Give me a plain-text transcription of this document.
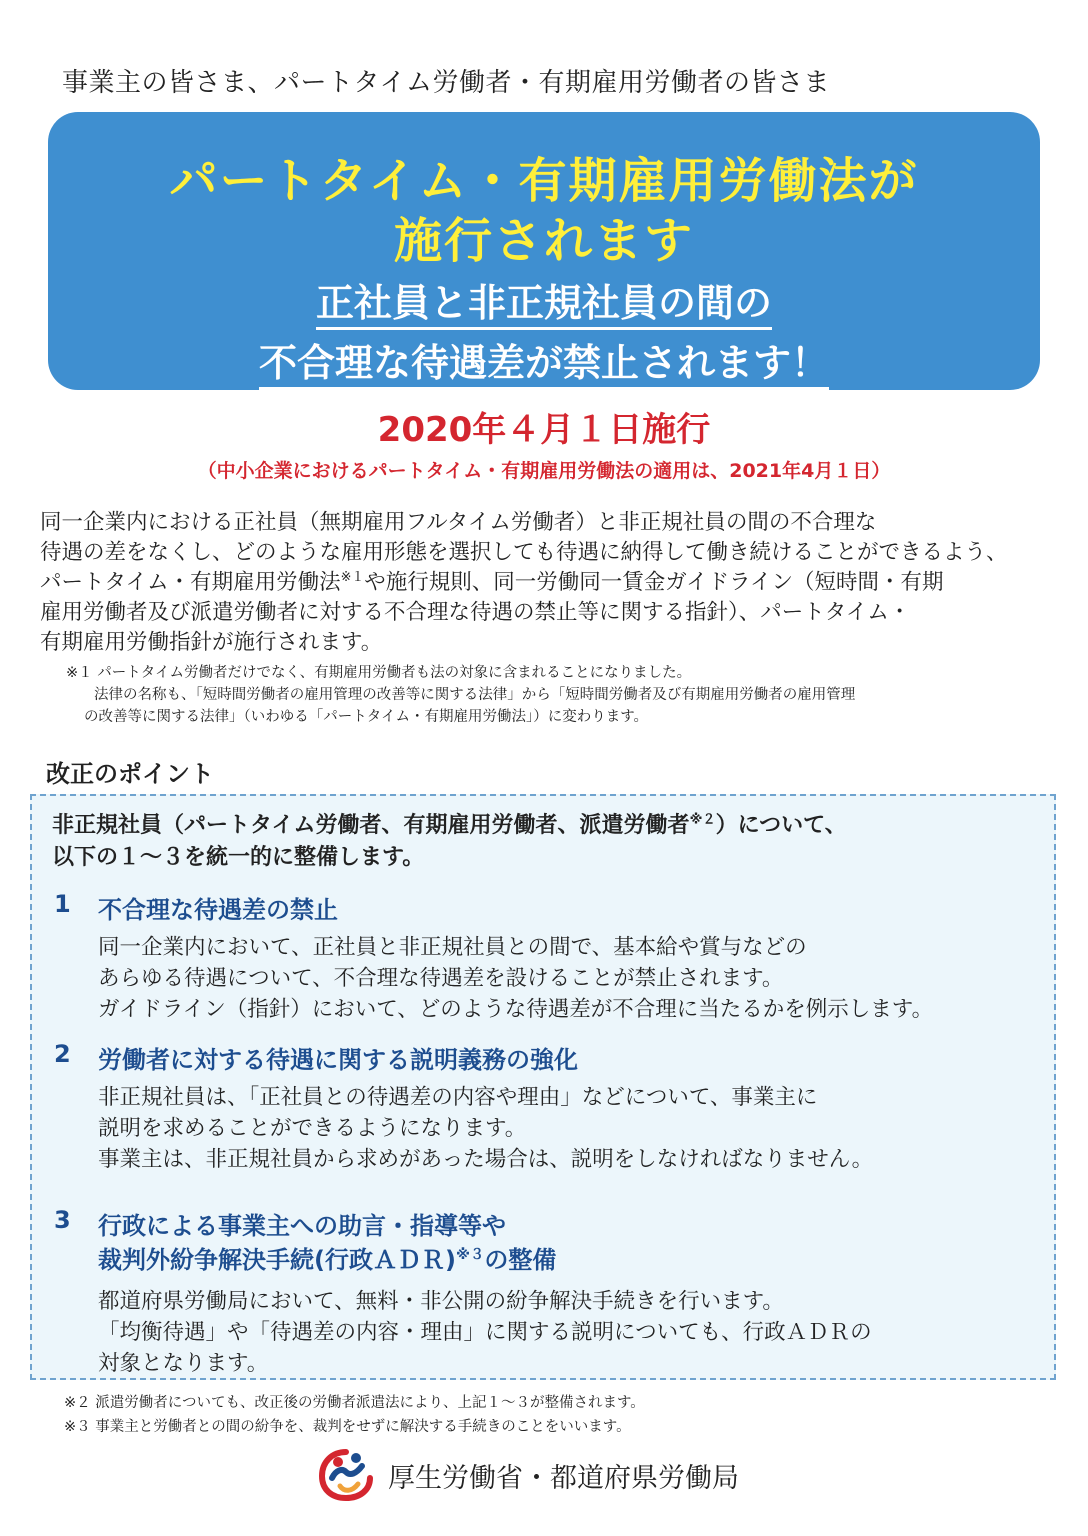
事業主の皆さま、パートタイム労働者・有期雇用労働者の皆さま
パートタイム・有期雇用労働法が
施行されます
正社員と非正規社員の間の
不合理な待遇差が禁止されます！
2020年４月１日施行
（中小企業におけるパートタイム・有期雇用労働法の適用は、2021年4月１日）

同一企業内における正社員（無期雇用フルタイム労働者）と非正規社員の間の不合理な

待遇の差をなくし、どのような雇用形態を選択しても待遇に納得して働き続けることができるよう、

パートタイム・有期雇用労働法$^{※1}$や施行規則、同一労働同一賃金ガイドライン（短時間・有期

雇用労働者及び派遣労働者に対する不合理な待遇の禁止等に関する指針）、パートタイム・

有期雇用労働指針が施行されます。

※１ パートタイム労働者だけでなく、有期雇用労働者も法の対象に含まれることになりました。
法律の名称も、「短時間労働者の雇用管理の改善等に関する法律」から「短時間労働者及び有期雇用労働者の雇用管理
の改善等に関する法律」（いわゆる「パートタイム・有期雇用労働法」）に変わります。
改正のポイント
非正規社員（パートタイム労働者、有期雇用労働者、派遣労働者$^{※2}$）について、
以下の１～３を統一的に整備します。
1 不合理な待遇差の禁止
同一企業内において、正社員と非正規社員との間で、基本給や賞与などの
あらゆる待遇について、不合理な待遇差を設けることが禁止されます。
ガイドライン（指針）において、どのような待遇差が不合理に当たるかを例示します。
2 労働者に対する待遇に関する説明義務の強化
非正規社員は、「正社員との待遇差の内容や理由」などについて、事業主に
説明を求めることができるようになります。
事業主は、非正規社員から求めがあった場合は、説明をしなければなりません。
3 行政による事業主への助言・指導等や
裁判外紛争解決手続(行政ＡＤＲ)$^{※3}$の整備
都道府県労働局において、無料・非公開の紛争解決手続きを行います。
「均衡待遇」や「待遇差の内容・理由」に関する説明についても、行政ＡＤＲの
対象となります。
※２ 派遣労働者についても、改正後の労働者派遣法により、上記１～３が整備されます。
※３ 事業主と労働者との間の紛争を、裁判をせずに解決する手続きのことをいいます。
厚生労働省・都道府県労働局
